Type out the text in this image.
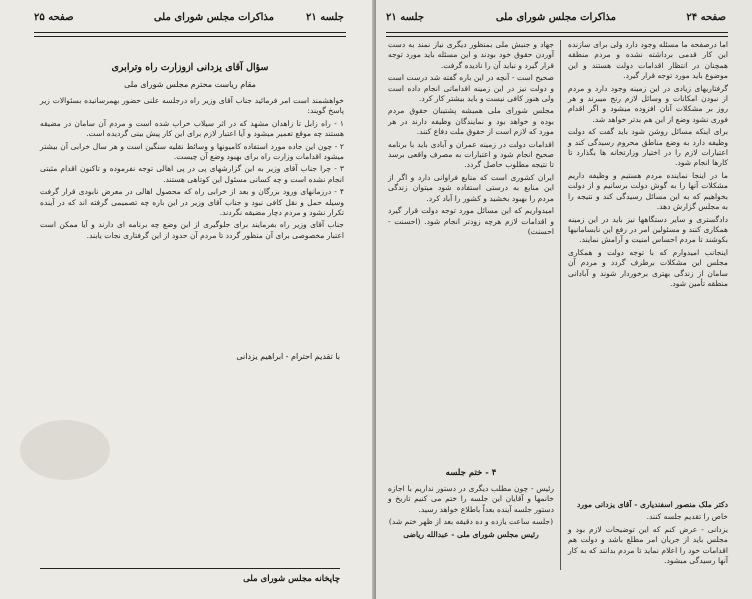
جلسه ۲۱
مذاکرات مجلس شورای ملی
صفحه ۲۵
سؤال آقای یزدانی ازوزارت راه وترابری
مقام ریاست محترم مجلس شورای ملی

خواهشمند است امر فرمائید جناب آقای وزیر راه درجلسه علنی حضور بهمرسانیده بسئوالات زیر پاسخ گویند:

۱ - راه زابل تا زاهدان مشهد که در اثر سیلاب خراب شده است و مردم آن سامان در مضیقه هستند چه موقع تعمیر میشود و آیا اعتبار لازم برای این کار پیش بینی گردیده است.

۲ - چون این جاده مورد استفاده کامیونها و وسائط نقلیه سنگین است و هر سال خرابی آن بیشتر میشود اقدامات وزارت راه برای بهبود وضع آن چیست.

۳ - چرا جناب آقای وزیر به این گزارشهای پی در پی اهالی توجه نفرموده و تاکنون اقدام مثبتی انجام نشده است و چه کسانی مسئول این کوتاهی هستند.

۴ - درزمانهای ورود بزرگان و بعد از خرابی راه که محصول اهالی در معرض نابودی قرار گرفت وسیله حمل و نقل کافی نبود و جناب آقای وزیر در این باره چه تصمیمی گرفته اند که در آینده تکرار نشود و مردم دچار مضیقه نگردند.

جناب آقای وزیر راه بفرمایند برای جلوگیری از این وضع چه برنامه ای دارند و آیا ممکن است اعتبار مخصوصی برای آن منظور گردد تا مردم آن حدود از این گرفتاری نجات یابند.

با تقدیم احترام - ابراهیم یزدانی
چاپخانه مجلس شورای ملی
صفحه ۲۴
مذاکرات مجلس شورای ملی
جلسه ۲۱

اما درصفحه ما مسئله وجود دارد ولی برای سازنده این کار قدمی برداشته نشده و مردم منطقه همچنان در انتظار اقدامات دولت هستند و این موضوع باید مورد توجه قرار گیرد.

گرفتاریهای زیادی در این زمینه وجود دارد و مردم از نبودن امکانات و وسائل لازم رنج میبرند و هر روز بر مشکلات آنان افزوده میشود و اگر اقدام فوری نشود وضع از این هم بدتر خواهد شد.

برای اینکه مسائل روشن شود باید گفت که دولت وظیفه دارد به وضع مناطق محروم رسیدگی کند و اعتبارات لازم را در اختیار وزارتخانه ها بگذارد تا کارها انجام شود.

ما در اینجا نماینده مردم هستیم و وظیفه داریم مشکلات آنها را به گوش دولت برسانیم و از دولت بخواهیم که به این مسائل رسیدگی کند و نتیجه را به مجلس گزارش دهد.

دادگستری و سایر دستگاهها نیز باید در این زمینه همکاری کنند و مسئولین امر در رفع این نابسامانیها بکوشند تا مردم احساس امنیت و آرامش نمایند.

اینجانب امیدوارم که با توجه دولت و همکاری مجلس این مشکلات برطرف گردد و مردم آن سامان از زندگی بهتری برخوردار شوند و آبادانی منطقه تأمین شود.

دکتر ملک منصور اسفندیاری - آقای یزدانی مورد

خاص را تقدیم جلسه کنند.

یزدانی - عرض کنم که این توضیحات لازم بود و مجلس باید از جریان امر مطلع باشد و دولت هم اقدامات خود را اعلام نماید تا مردم بدانند که به کار آنها رسیدگی میشود.

جهاد و جنبش ملی بمنظور دیگری نیاز نمند به دست آوردن حقوق خود بودند و این مسئله باید مورد توجه قرار گیرد و نباید آن را نادیده گرفت.

صحیح است - آنچه در این باره گفته شد درست است و دولت نیز در این زمینه اقداماتی انجام داده است ولی هنوز کافی نیست و باید بیشتر کار کرد.

مجلس شورای ملی همیشه پشتیبان حقوق مردم بوده و خواهد بود و نمایندگان وظیفه دارند در هر مورد که لازم است از حقوق ملت دفاع کنند.

اقدامات دولت در زمینه عمران و آبادی باید با برنامه صحیح انجام شود و اعتبارات به مصرف واقعی برسد تا نتیجه مطلوب حاصل گردد.

ایران کشوری است که منابع فراوانی دارد و اگر از این منابع به درستی استفاده شود میتوان زندگی مردم را بهبود بخشید و کشور را آباد کرد.

امیدواریم که این مسائل مورد توجه دولت قرار گیرد و اقدامات لازم هرچه زودتر انجام شود. (احسنت - احسنت)

۴ - ختم جلسه

رئیس - چون مطلب دیگری در دستور نداریم با اجازه خانمها و آقایان این جلسه را ختم می کنیم تاریخ و دستور جلسه آینده بعداً باطلاع خواهد رسید.

(جلسه ساعت یازده و ده دقیقه بعد از ظهر ختم شد)

رئیس مجلس شورای ملی - عبدالله ریاضی
